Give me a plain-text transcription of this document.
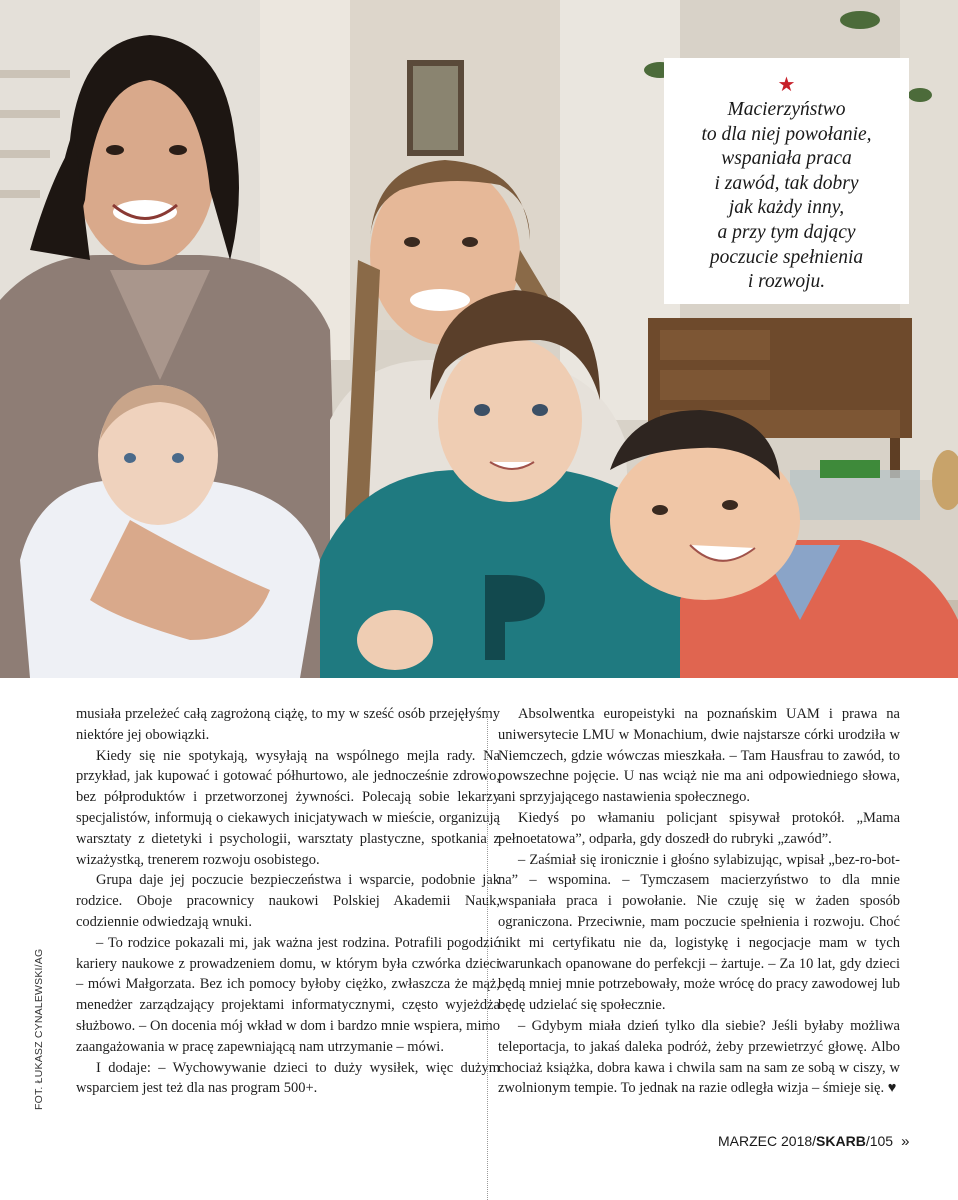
★
Macierzyństwo
to dla niej powołanie,
wspaniała praca
i zawód, tak dobry
jak każdy inny,
a przy tym dający
poczucie spełnienia
i rozwoju.
FOT. ŁUKASZ CYNALEWSKI/AG

musiała przeleżeć całą zagrożoną ciążę, to my w sześć osób przejęłyśmy niektóre jej obowiązki.

Kiedy się nie spotykają, wysyłają na wspólnego mejla rady. Na przykład, jak kupować i gotować półhurtowo, ale jednocześnie zdrowo, bez półproduktów i przetworzonej żywności. Polecają sobie lekarzy specjalistów, informują o ciekawych inicjatywach w mieście, organizują warsztaty z dietetyki i psychologii, warsztaty plastyczne, spotkania z wizażystką, trenerem rozwoju osobistego.

Grupa daje jej poczucie bezpieczeństwa i wsparcie, podobnie jak rodzice. Oboje pracownicy naukowi Polskiej Akademii Nauk, codziennie odwiedzają wnuki.

– To rodzice pokazali mi, jak ważna jest rodzina. Potrafili pogodzić kariery naukowe z prowadzeniem domu, w którym była czwórka dzieci – mówi Małgorzata. Bez ich pomocy byłoby ciężko, zwłaszcza że mąż, menedżer zarządzający projektami informatycznymi, często wyjeżdża służbowo. – On docenia mój wkład w dom i bardzo mnie wspiera, mimo zaangażowania w pracę zapewniającą nam utrzymanie – mówi.

I dodaje: – Wychowywanie dzieci to duży wysiłek, więc dużym wsparciem jest też dla nas program 500+.

Absolwentka europeistyki na poznańskim UAM i prawa na uniwersytecie LMU w Monachium, dwie najstarsze córki urodziła w Niemczech, gdzie wówczas mieszkała. – Tam Hausfrau to zawód, to powszechne pojęcie. U nas wciąż nie ma ani odpowiedniego słowa, ani sprzyjającego nastawienia społecznego.

Kiedyś po włamaniu policjant spisywał protokół. „Mama pełnoetatowa”, odparła, gdy doszedł do rubryki „zawód”.

– Zaśmiał się ironicznie i głośno sylabizując, wpisał „bez-ro-bot-na” – wspomina. – Tymczasem macierzyństwo to dla mnie wspaniała praca i powołanie. Nie czuję się w żaden sposób ograniczona. Przeciwnie, mam poczucie spełnienia i rozwoju. Choć nikt mi certyfikatu nie da, logistykę i negocjacje mam w tych warunkach opanowane do perfekcji – żartuje. – Za 10 lat, gdy dzieci będą mniej mnie potrzebowały, może wrócę do pracy zawodowej lub będę udzielać się społecznie.

– Gdybym miała dzień tylko dla siebie? Jeśli byłaby możliwa teleportacja, to jakaś daleka podróż, żeby przewietrzyć głowę. Albo chociaż książka, dobra kawa i chwila sam na sam ze sobą w ciszy, w zwolnionym tempie. To jednak na razie odległa wizja – śmieje się. ♥

MARZEC 2018/SKARB/105 »
